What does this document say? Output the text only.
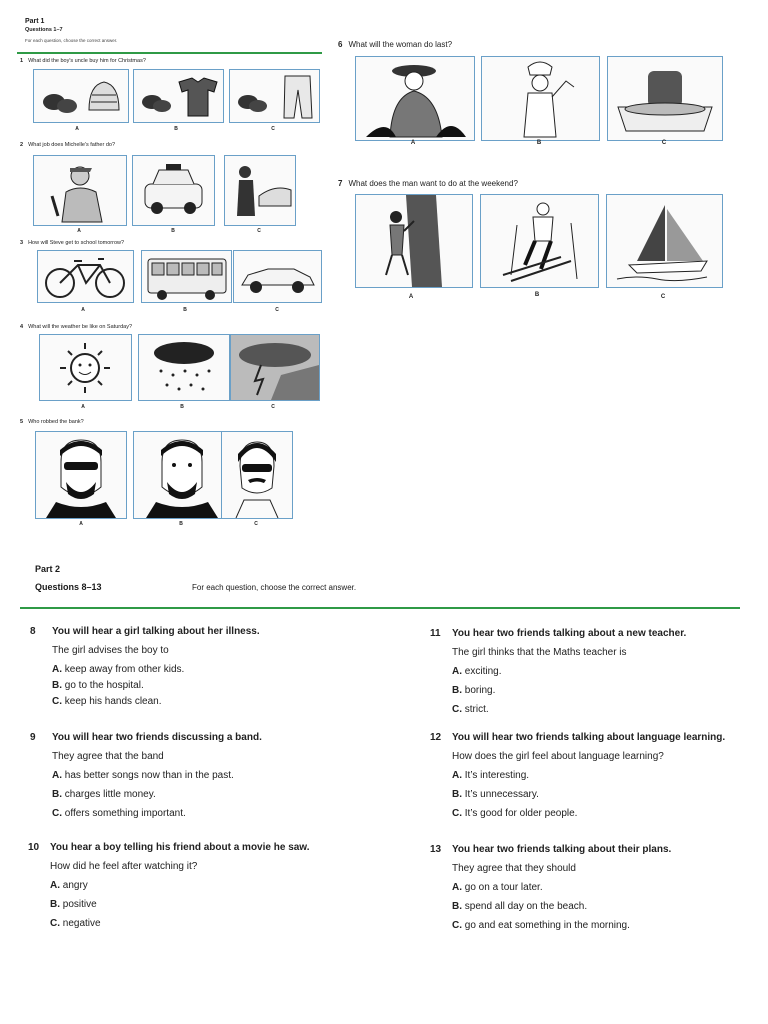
Part 1
Questions 1–7
For each question, choose the correct answer.
1 What did the boy's uncle buy him for Christmas?
A	B	C
2 What job does Michelle's father do?
A	B	C
3 How will Steve get to school tomorrow?
A	B	C
4 What will the weather be like on Saturday?
A	B	C
5 Who robbed the bank?
A	B	C
6 What will the woman do last?
A	B	C
7 What does the man want to do at the weekend?
A	B	C
Part 2
Questions 8–13	For each question, choose the correct answer.
8 You will hear a girl talking about her illness.
The girl advises the boy to
A. keep away from other kids.
B. go to the hospital.
C. keep his hands clean.
9 You will hear two friends discussing a band.
They agree that the band
A. has better songs now than in the past.
B. charges little money.
C. offers something important.
10 You hear a boy telling his friend about a movie he saw.
How did he feel after watching it?
A. angry
B. positive
C. negative
11 You hear two friends talking about a new teacher.
The girl thinks that the Maths teacher is
A. exciting.
B. boring.
C. strict.
12 You will hear two friends talking about language learning.
How does the girl feel about language learning?
A. It’s interesting.
B. It’s unnecessary.
C. It’s good for older people.
13 You hear two friends talking about their plans.
They agree that they should
A. go on a tour later.
B. spend all day on the beach.
C. go and eat something in the morning.
